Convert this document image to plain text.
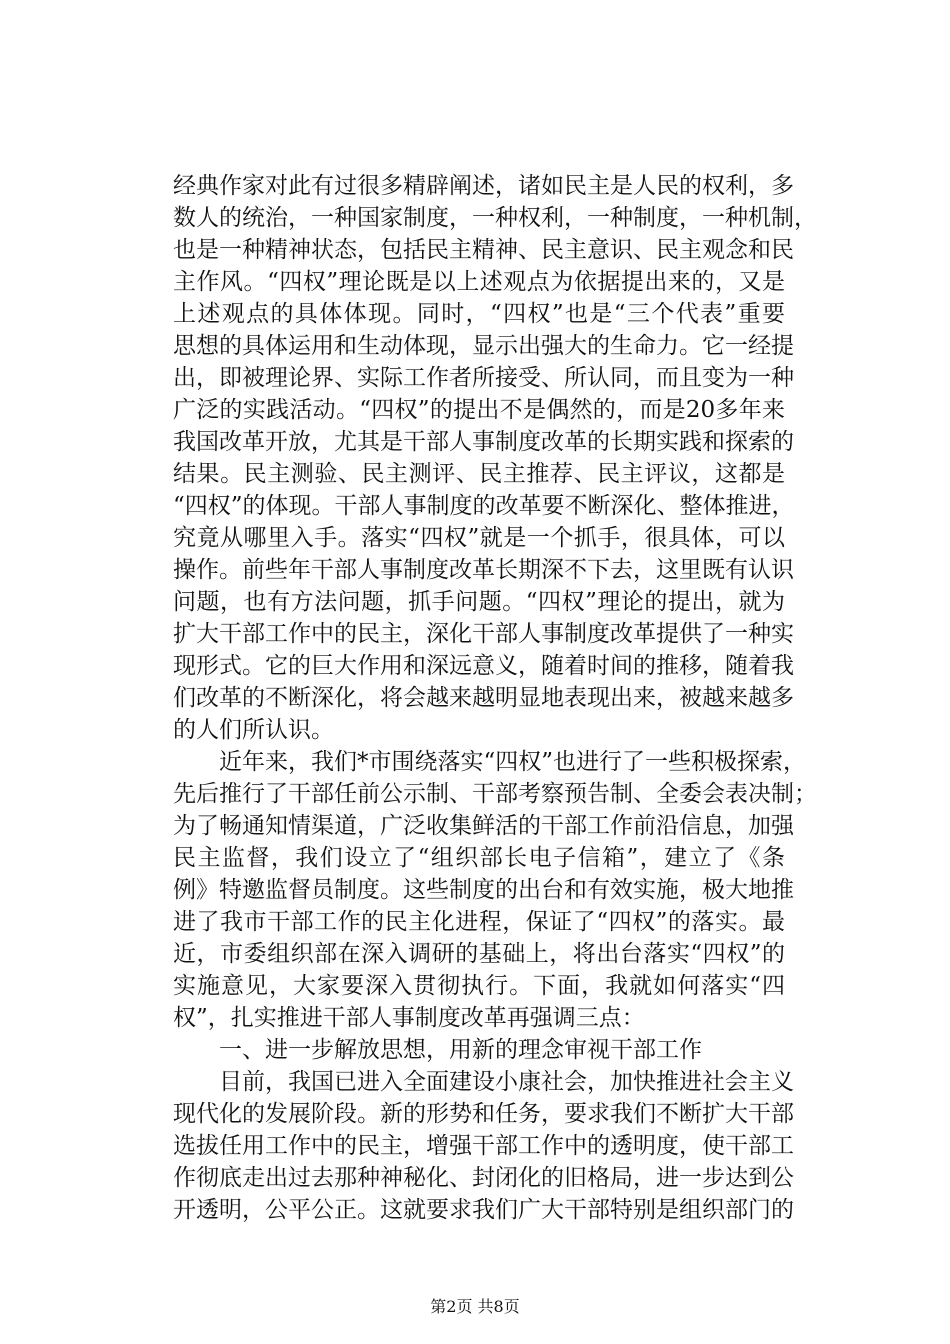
经典作家对此有过很多精辟阐述，诸如民主是人民的权利，多
数人的统治，一种国家制度，一种权利，一种制度，一种机制，
也是一种精神状态，包括民主精神、民主意识、民主观念和民
主作风。“四权”理论既是以上述观点为依据提出来的，又是
上述观点的具体体现。同时，“四权”也是“三个代表”重要
思想的具体运用和生动体现，显示出强大的生命力。它一经提
出，即被理论界、实际工作者所接受、所认同，而且变为一种
广泛的实践活动。“四权”的提出不是偶然的，而是20多年来
我国改革开放，尤其是干部人事制度改革的长期实践和探索的
结果。民主测验、民主测评、民主推荐、民主评议，这都是
“四权”的体现。干部人事制度的改革要不断深化、整体推进，
究竟从哪里入手。落实“四权”就是一个抓手，很具体，可以
操作。前些年干部人事制度改革长期深不下去，这里既有认识
问题，也有方法问题，抓手问题。“四权”理论的提出，就为
扩大干部工作中的民主，深化干部人事制度改革提供了一种实
现形式。它的巨大作用和深远意义，随着时间的推移，随着我
们改革的不断深化，将会越来越明显地表现出来，被越来越多
的人们所认识。
　　近年来，我们*市围绕落实“四权”也进行了一些积极探索，
先后推行了干部任前公示制、干部考察预告制、全委会表决制；
为了畅通知情渠道，广泛收集鲜活的干部工作前沿信息，加强
民主监督，我们设立了“组织部长电子信箱”，建立了《条
例》特邀监督员制度。这些制度的出台和有效实施，极大地推
进了我市干部工作的民主化进程，保证了“四权”的落实。最
近，市委组织部在深入调研的基础上，将出台落实“四权”的
实施意见，大家要深入贯彻执行。下面，我就如何落实“四
权”，扎实推进干部人事制度改革再强调三点：
　　一、进一步解放思想，用新的理念审视干部工作
　　目前，我国已进入全面建设小康社会，加快推进社会主义
现代化的发展阶段。新的形势和任务，要求我们不断扩大干部
选拔任用工作中的民主，增强干部工作中的透明度，使干部工
作彻底走出过去那种神秘化、封闭化的旧格局，进一步达到公
开透明，公平公正。这就要求我们广大干部特别是组织部门的
第2页 共8页
